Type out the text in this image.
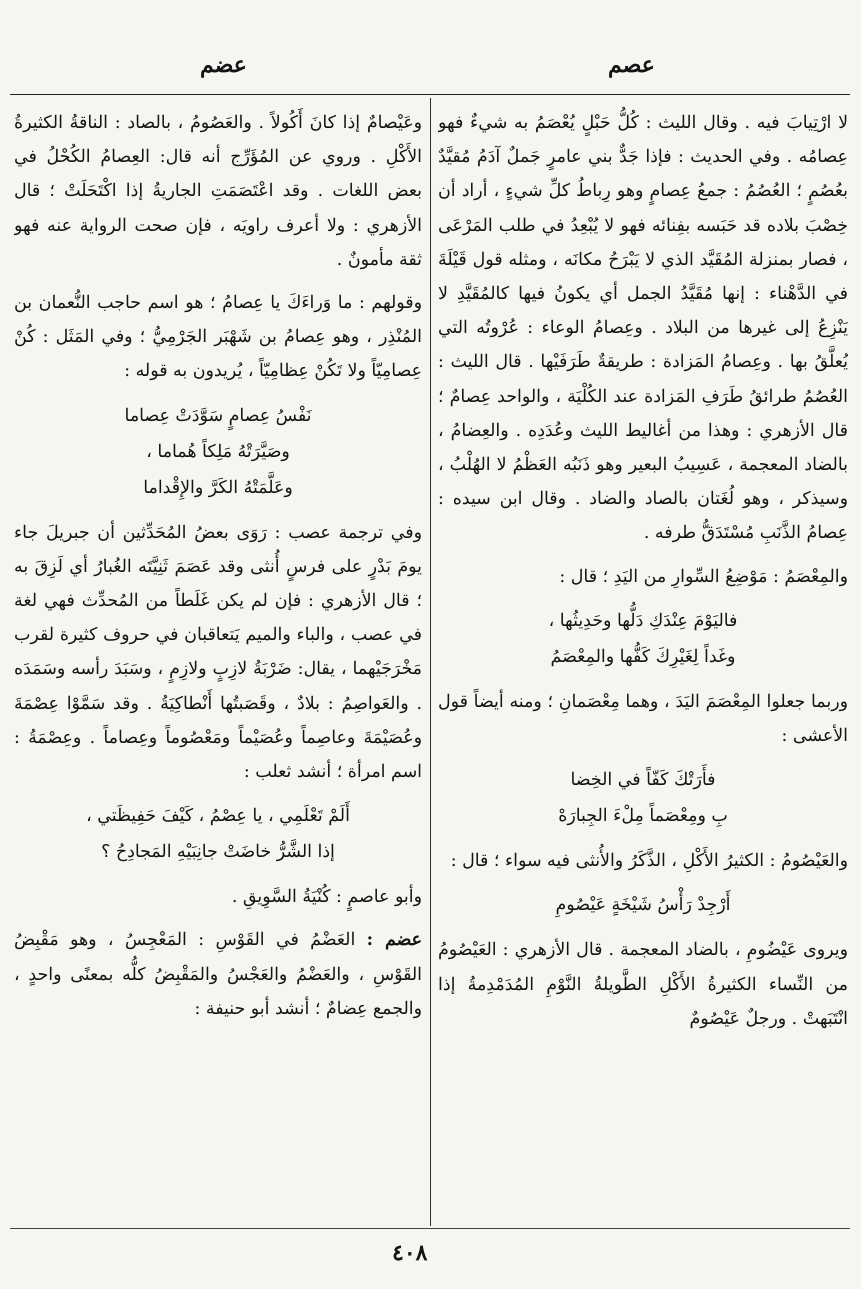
عصم
عضم

لا ارْتِيابَ فيه . وقال الليث : كُلُّ حَبْلٍ يُعْصَمُ به شيءٌ فهو عِصامُه . وفي الحديث : فإذا جَدٌّ بني عامرٍ جَملٌ آدَمُ مُقيَّدٌ بعُصُمٍ ؛ العُصُمُ : جمعُ عِصامٍ وهو رِباطُ كلِّ شيءٍ ، أراد أن خِصْبَ بلاده قد حَبَسه بفِنائه فهو لا يُبْعِدُ في طلب المَرْعَى ، فصار بمنزلة المُقَيَّد الذي لا يَبْرَحُ مكانَه ، ومثله قول قَيْلَةَ في الدَّهْناء : إنها مُقَيَّدُ الجمل أي يكونُ فيها كالمُقَيَّدِ لا يَنْزِعُ إلى غيرها من البلاد . وعِصامُ الوعاء : عُرْوتُه التي يُعلَّقُ بها . وعِصامُ المَزادة : طريقةٌ طَرَفَيْها . قال الليث : العُصُمُ طرائقُ طَرَفِ المَزادة عند الكُلْيَة ، والواحد عِصامٌ ؛ قال الأزهري : وهذا من أغاليط الليث وعُدَدِه . والعِضامُ ، بالضاد المعجمة ، عَسِيبُ البعير وهو ذَنَبُه العَظْمُ لا الهُلْبُ ، وسيذكر ، وهو لُغَتان بالصاد والضاد . وقال ابن سيده : عِصامُ الذَّنَبِ مُسْتَدَقُّ طرفه .

والمِعْصَمُ : مَوْضِعُ السِّوارِ من اليَدِ ؛ قال :

فاليَوْمَ عِنْدَكِ دَلُّها وحَدِيثُها ،
وغَداً لِغَيْرِكَ كَفُّها والمِعْصَمُ

وربما جعلوا المِعْصَمَ اليَدَ ، وهما مِعْصَمانِ ؛ ومنه أيضاً قول الأعشى :

فأَرَتْكَ كَفّاً في الخِضا
بِ ومِعْصَماً مِلْءَ الجِبارَهْ

والعَيْصُومُ : الكثيرُ الأَكْلِ ، الذَّكَرُ والأُنثى فيه سواء ؛ قال :

أَرْجِدْ رَأْسُ شَيْخَةٍ عَيْصُومِ

ويروى عَيْضُومِ ، بالضاد المعجمة . قال الأزهري : العَيْصُومُ من النِّساء الكثيرةُ الأَكْلِ الطَّويلةُ النَّوْمِ المُدَمْدِمةُ إذا انْتَبَهتْ . ورجلٌ عَيْصُومٌ

وعَيْصامٌ إذا كانَ أَكُولاً . والعَصُومُ ، بالصاد : الناقةُ الكثيرةُ الأَكْلِ . وروي عن المُؤَرِّج أنه قال: العِصامُ الكُحْلُ في بعض اللغات . وقد اعْتَصَمَتِ الجاريةُ إذا اكْتَحَلَتْ ؛ قال الأزهري : ولا أعرف راويَه ، فإن صحت الرواية عنه فهو ثقة مأمونٌ .

وقولهم : ما وَراءَكَ يا عِصامُ ؛ هو اسم حاجب النُّعمان بن المُنْذِر ، وهو عِصامُ بن شَهْبَر الجَرْمِيُّ ؛ وفي المَثَل : كُنْ عِصامِيّاً ولا تَكُنْ عِظامِيّاً ، يُريدون به قوله :

نَفْسُ عِصامٍ سَوَّدَتْ عِصاما
وصَيَّرَتْهُ مَلِكاً هُماما ،
وعَلَّمَتْهُ الكَرَّ والإِقْداما

وفي ترجمة عصب : رَوَى بعضُ المُحَدِّثين أن جبريلَ جاء يومَ بَدْرٍ على فرسٍ أُنثى وقد عَصَمَ ثَنِيَّتَه الغُبارُ أي لَزِقَ به ؛ قال الأزهري : فإن لم يكن غَلَطاً من المُحدِّث فهي لغة في عصب ، والباء والميم يَتعاقبان في حروف كثيرة لقرب مَخْرَجَيْهما ، يقال: ضَرْبَةُ لازِبٍ ولازِمٍ ، وسَبَدَ رأسه وسَمَدَه . والعَواصِمُ : بلادٌ ، وقَصَبتُها أَنْطاكِيَةُ . وقد سَمَّوْا عِصْمَةَ وعُصَيْمَةَ وعاصِماً وعُصَيْماً ومَعْصُوماً وعِصاماً . وعِصْمَةُ : اسم امرأة ؛ أنشد ثعلب :

أَلَمْ تَعْلَمِي ، يا عِصْمُ ، كَيْفَ حَفِيظَتي ،
إذا الشَّرُّ خاضَتْ جانِبَيْهِ المَجادِحُ ؟

وأبو عاصمٍ : كُنْيَةُ السَّوِيقِ .

عضم : العَضْمُ في القَوْسِ : المَعْجِسُ ، وهو مَقْبِضُ القَوْسِ ، والعَضْمُ والعَجْسُ والمَقْبِضُ كلُّه بمعنًى واحدٍ ، والجمع عِضامٌ ؛ أنشد أبو حنيفة :

٤٠٨
